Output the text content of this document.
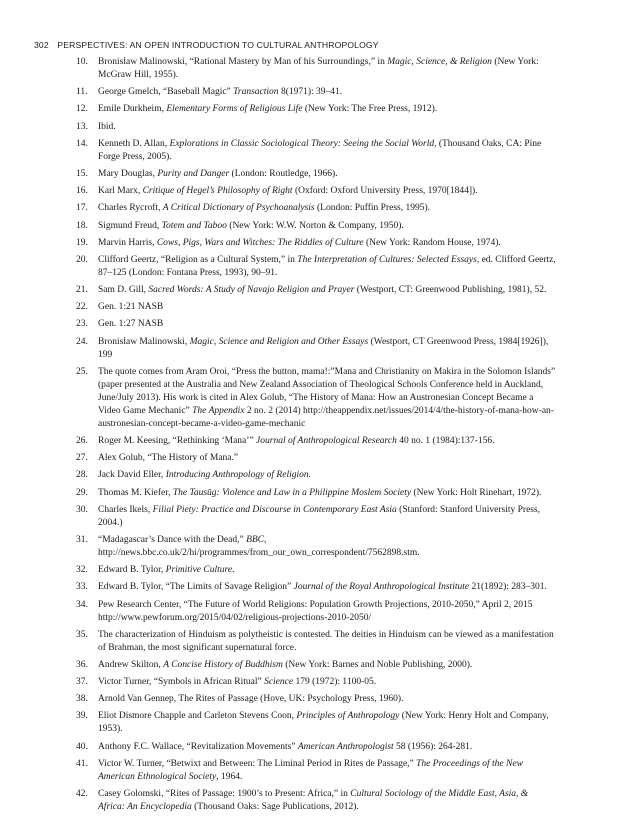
302 PERSPECTIVES: AN OPEN INTRODUCTION TO CULTURAL ANTHROPOLOGY
10. Bronislaw Malinowski, “Rational Mastery by Man of his Surroundings,” in Magic, Science, & Religion (New York: McGraw Hill, 1955).
11. George Gmelch, “Baseball Magic” Transaction 8(1971): 39–41.
12. Emile Durkheim, Elementary Forms of Religious Life (New York: The Free Press, 1912).
13. Ibid.
14. Kenneth D. Allan, Explorations in Classic Sociological Theory: Seeing the Social World, (Thousand Oaks, CA: Pine Forge Press, 2005).
15. Mary Douglas, Purity and Danger (London: Routledge, 1966).
16. Karl Marx, Critique of Hegel’s Philosophy of Right (Oxford: Oxford University Press, 1970[1844]).
17. Charles Rycroft, A Critical Dictionary of Psychoanalysis (London: Puffin Press, 1995).
18. Sigmund Freud, Totem and Taboo (New York: W.W. Norton & Company, 1950).
19. Marvin Harris, Cows, Pigs, Wars and Witches: The Riddles of Culture (New York: Random House, 1974).
20. Clifford Geertz, “Religion as a Cultural System,” in The Interpretation of Cultures: Selected Essays, ed. Clifford Geertz, 87–125 (London: Fontana Press, 1993), 90–91.
21. Sam D. Gill, Sacred Words: A Study of Navajo Religion and Prayer (Westport, CT: Greenwood Publishing, 1981), 52.
22. Gen. 1:21 NASB
23. Gen. 1:27 NASB
24. Bronislaw Malinowski, Magic, Science and Religion and Other Essays (Westport, CT Greenwood Press, 1984[1926]), 199
25. The quote comes from Aram Oroi, “Press the button, mama!:”Mana and Christianity on Makira in the Solomon Islands” (paper presented at the Australia and New Zealand Association of Theological Schools Conference held in Auckland, June/July 2013). His work is cited in Alex Golub, “The History of Mana: How an Austronesian Concept Became a Video Game Mechanic” The Appendix 2 no. 2 (2014) http://theappendix.net/issues/2014/4/the-history-of-mana-how-an-austronesian-concept-became-a-video-game-mechanic
26. Roger M. Keesing, “Rethinking ‘Mana’” Journal of Anthropological Research 40 no. 1 (1984):137-156.
27. Alex Golub, “The History of Mana.”
28. Jack David Eller, Introducing Anthropology of Religion.
29. Thomas M. Kiefer, The Tausūg: Violence and Law in a Philippine Moslem Society (New York: Holt Rinehart, 1972).
30. Charles Ikels, Filial Piety: Practice and Discourse in Contemporary East Asia (Stanford: Stanford University Press, 2004.)
31. “Madagascar’s Dance with the Dead,” BBC, http://news.bbc.co.uk/2/hi/programmes/from_our_own_correspondent/7562898.stm.
32. Edward B. Tylor, Primitive Culture.
33. Edward B. Tylor, “The Limits of Savage Religion” Journal of the Royal Anthropological Institute 21(1892): 283–301.
34. Pew Research Center, “The Future of World Religions: Population Growth Projections, 2010-2050,” April 2, 2015 http://www.pewforum.org/2015/04/02/religious-projections-2010-2050/
35. The characterization of Hinduism as polytheistic is contested. The deities in Hinduism can be viewed as a manifestation of Brahman, the most significant supernatural force.
36. Andrew Skilton, A Concise History of Buddhism (New York: Barnes and Noble Publishing, 2000).
37. Victor Turner, “Symbols in African Ritual” Science 179 (1972): 1100-05.
38. Arnold Van Gennep, The Rites of Passage (Hove, UK: Psychology Press, 1960).
39. Eliot Dismore Chapple and Carleton Stevens Coon, Principles of Anthropology (New York: Henry Holt and Company, 1953).
40. Anthony F.C. Wallace, “Revitalization Movements” American Anthropologist 58 (1956): 264-281.
41. Victor W. Turner, “Betwixt and Between: The Liminal Period in Rites de Passage,” The Proceedings of the New American Ethnological Society, 1964.
42. Casey Golomski, “Rites of Passage: 1900’s to Present: Africa,” in Cultural Sociology of the Middle East, Asia, & Africa: An Encyclopedia (Thousand Oaks: Sage Publications, 2012).
